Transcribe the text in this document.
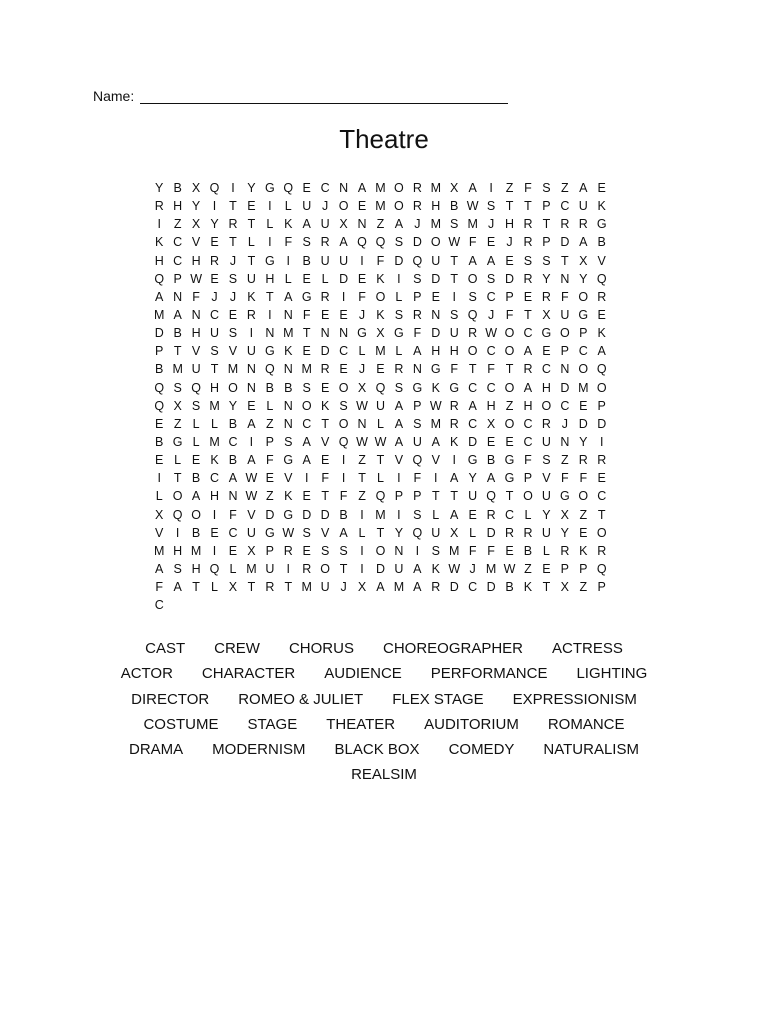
Name:
Theatre
Y B X Q I	Y G Q E C N A M O R M X A	I	Z F S Z A E
R H Y	I	T E	I	L U J O E M O R H B W S T T P C U K
I	Z X Y R T L K A U X N Z A J M S M J H R T R R G
K C V E T L	I	F S R A Q Q S D O W F E J R P D A B
H C H R J T G I	B U U I	F D Q U T A A E S S T X V
Q P W E S U H L E L D E K	I	S D T O S D R Y N Y Q
A N F J J K T A G R I	F O L P E	I	S C P E R F O R
M A N C E R I N F E E J K S R N S Q J F T X U G E
D B H U S	I N M T N N G X G F D U R W O C G O P K
P T V S V U G K E D C L M L A H H O C O A E P C A
B M U T M N Q N M R E J E R N G F T F T R C N O Q
Q S Q H O N B B S E O X Q S G K G C C O A H D M O
Q X S M Y E L N O K S W U A P W R A H Z H O C E P
E Z L L B A Z N C T O N L A S M R C X O C R J D D
B G L M C I	P S A V Q W W A U A K D E E C U N Y	I
E L E K B A F G A E	I	Z T V Q V	I G B G F S Z R R
I	T B C A W E V	I	F	I	T L	I	F	I	A Y A G P V F F E
L O A H N W Z K E T F Z Q P P T T U Q T O U G O C
X Q O I	F V D G D D B	I M I	S L A E R C L Y X Z T
V	I	B E C U G W S V A L T Y Q U X L D R R U Y E O
M H M I	E X P R E S S	I O N I	S M F F E B L R K R
A S H Q L M U I R O T	I D U A K W J M W Z E P P Q
F A T L X T R T M U J X A M A R D C D B K T X Z P
C
CAST CREW CHORUS CHOREOGRAPHER ACTRESS
ACTOR CHARACTER AUDIENCE PERFORMANCE LIGHTING
DIRECTOR ROMEO & JULIET FLEX STAGE EXPRESSIONISM
COSTUME STAGE THEATER AUDITORIUM ROMANCE
DRAMA MODERNISM BLACK BOX COMEDY NATURALISM
REALSIM
